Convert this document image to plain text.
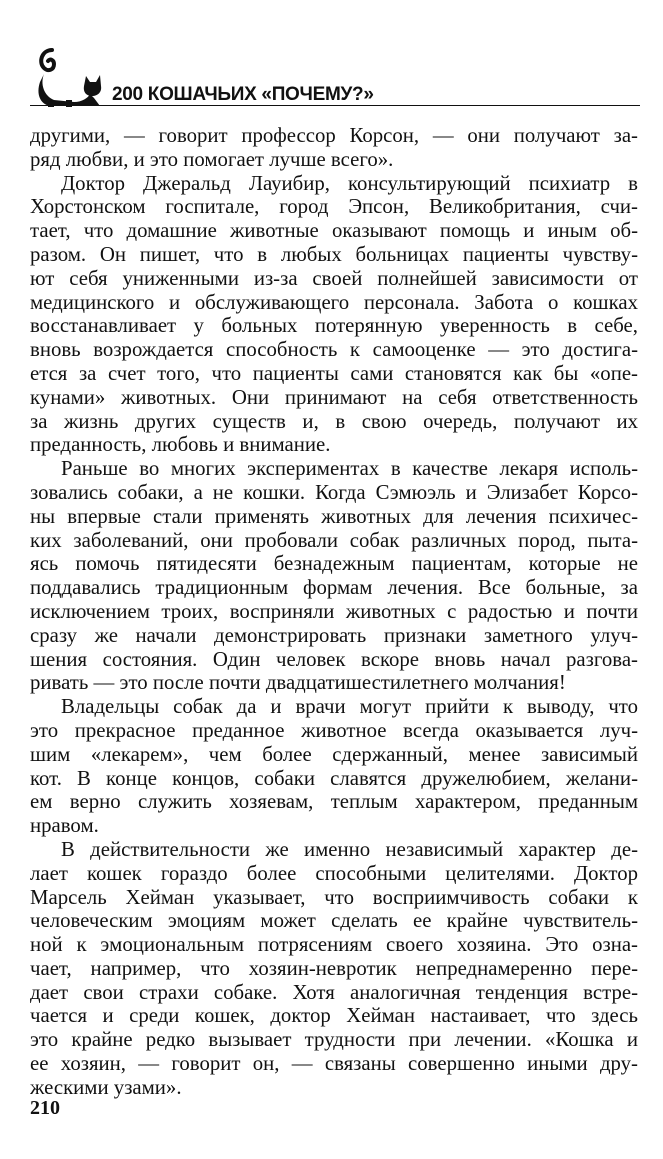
200 КОШАЧЬИХ «ПОЧЕМУ?»
другими, — говорит профессор Корсон, — они получают за-
ряд любви, и это помогает лучше всего».
Доктор Джеральд Лауибир, консультирующий психиатр в
Хорстонском госпитале, город Эпсон, Великобритания, счи-
тает, что домашние животные оказывают помощь и иным об-
разом. Он пишет, что в любых больницах пациенты чувству-
ют себя униженными из-за своей полнейшей зависимости от
медицинского и обслуживающего персонала. Забота о кошках
восстанавливает у больных потерянную уверенность в себе,
вновь возрождается способность к самооценке — это достига-
ется за счет того, что пациенты сами становятся как бы «опе-
кунами» животных. Они принимают на себя ответственность
за жизнь других существ и, в свою очередь, получают их
преданность, любовь и внимание.
Раньше во многих экспериментах в качестве лекаря исполь-
зовались собаки, а не кошки. Когда Сэмюэль и Элизабет Корсо-
ны впервые стали применять животных для лечения психичес-
ких заболеваний, они пробовали собак различных пород, пыта-
ясь помочь пятидесяти безнадежным пациентам, которые не
поддавались традиционным формам лечения. Все больные, за
исключением троих, восприняли животных с радостью и почти
сразу же начали демонстрировать признаки заметного улуч-
шения состояния. Один человек вскоре вновь начал разгова-
ривать — это после почти двадцатишестилетнего молчания!
Владельцы собак да и врачи могут прийти к выводу, что
это прекрасное преданное животное всегда оказывается луч-
шим «лекарем», чем более сдержанный, менее зависимый
кот. В конце концов, собаки славятся дружелюбием, желани-
ем верно служить хозяевам, теплым характером, преданным
нравом.
В действительности же именно независимый характер де-
лает кошек гораздо более способными целителями. Доктор
Марсель Хейман указывает, что восприимчивость собаки к
человеческим эмоциям может сделать ее крайне чувствитель-
ной к эмоциональным потрясениям своего хозяина. Это озна-
чает, например, что хозяин-невротик непреднамеренно пере-
дает свои страхи собаке. Хотя аналогичная тенденция встре-
чается и среди кошек, доктор Хейман настаивает, что здесь
это крайне редко вызывает трудности при лечении. «Кошка и
ее хозяин, — говорит он, — связаны совершенно иными дру-
жескими узами».
210
